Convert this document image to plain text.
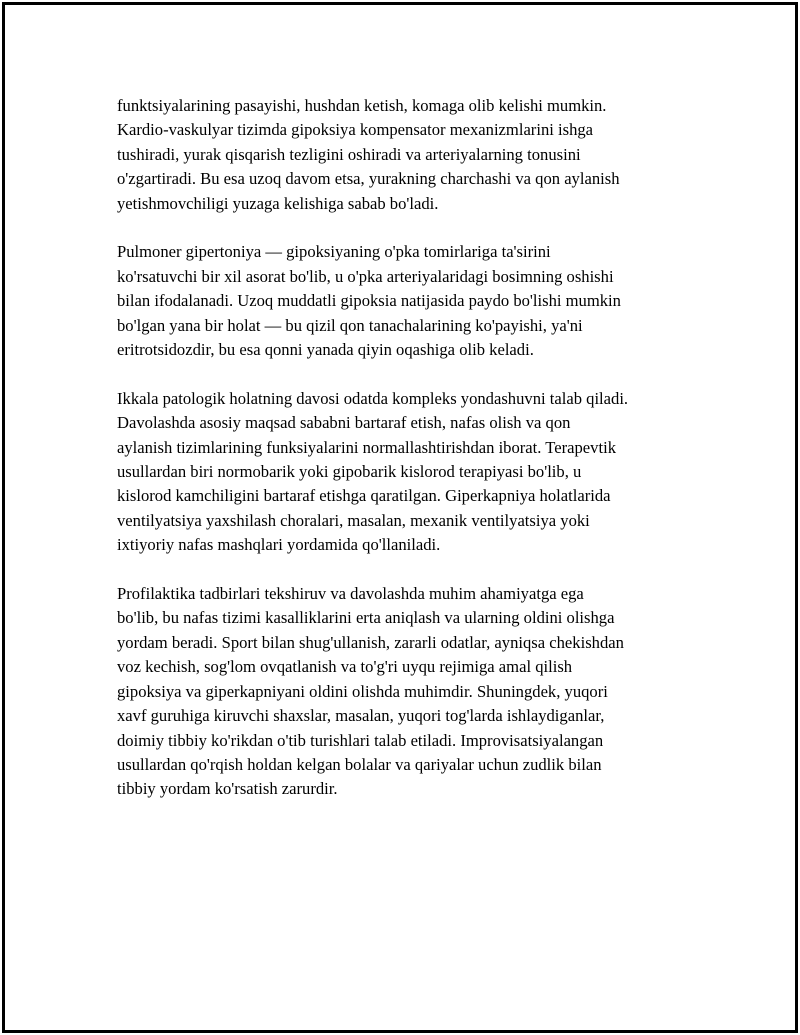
funktsiyalarining pasayishi, hushdan ketish, komaga olib kelishi mumkin.
Kardio-vaskulyar tizimda gipoksiya kompensator mexanizmlarini ishga
tushiradi, yurak qisqarish tezligini oshiradi va arteriyalarning tonusini
o'zgartiradi. Bu esa uzoq davom etsa, yurakning charchashi va qon aylanish
yetishmovchiligi yuzaga kelishiga sabab bo'ladi.

Pulmoner gipertoniya — gipoksiyaning o'pka tomirlariga ta'sirini
ko'rsatuvchi bir xil asorat bo'lib, u o'pka arteriyalaridagi bosimning oshishi
bilan ifodalanadi. Uzoq muddatli gipoksia natijasida paydo bo'lishi mumkin
bo'lgan yana bir holat — bu qizil qon tanachalarining ko'payishi, ya'ni
eritrotsidozdir, bu esa qonni yanada qiyin oqashiga olib keladi.

Ikkala patologik holatning davosi odatda kompleks yondashuvni talab qiladi.
Davolashda asosiy maqsad sababni bartaraf etish, nafas olish va qon
aylanish tizimlarining funksiyalarini normallashtirishdan iborat. Terapevtik
usullardan biri normobarik yoki gipobarik kislorod terapiyasi bo'lib, u
kislorod kamchiligini bartaraf etishga qaratilgan. Giperkapniya holatlarida
ventilyatsiya yaxshilash choralari, masalan, mexanik ventilyatsiya yoki
ixtiyoriy nafas mashqlari yordamida qo'llaniladi.

Profilaktika tadbirlari tekshiruv va davolashda muhim ahamiyatga ega
bo'lib, bu nafas tizimi kasalliklarini erta aniqlash va ularning oldini olishga
yordam beradi. Sport bilan shug'ullanish, zararli odatlar, ayniqsa chekishdan
voz kechish, sog'lom ovqatlanish va to'g'ri uyqu rejimiga amal qilish
gipoksiya va giperkapniyani oldini olishda muhimdir. Shuningdek, yuqori
xavf guruhiga kiruvchi shaxslar, masalan, yuqori tog'larda ishlaydiganlar,
doimiy tibbiy ko'rikdan o'tib turishlari talab etiladi. Improvisatsiyalangan
usullardan qo'rqish holdan kelgan bolalar va qariyalar uchun zudlik bilan
tibbiy yordam ko'rsatish zarurdir.
